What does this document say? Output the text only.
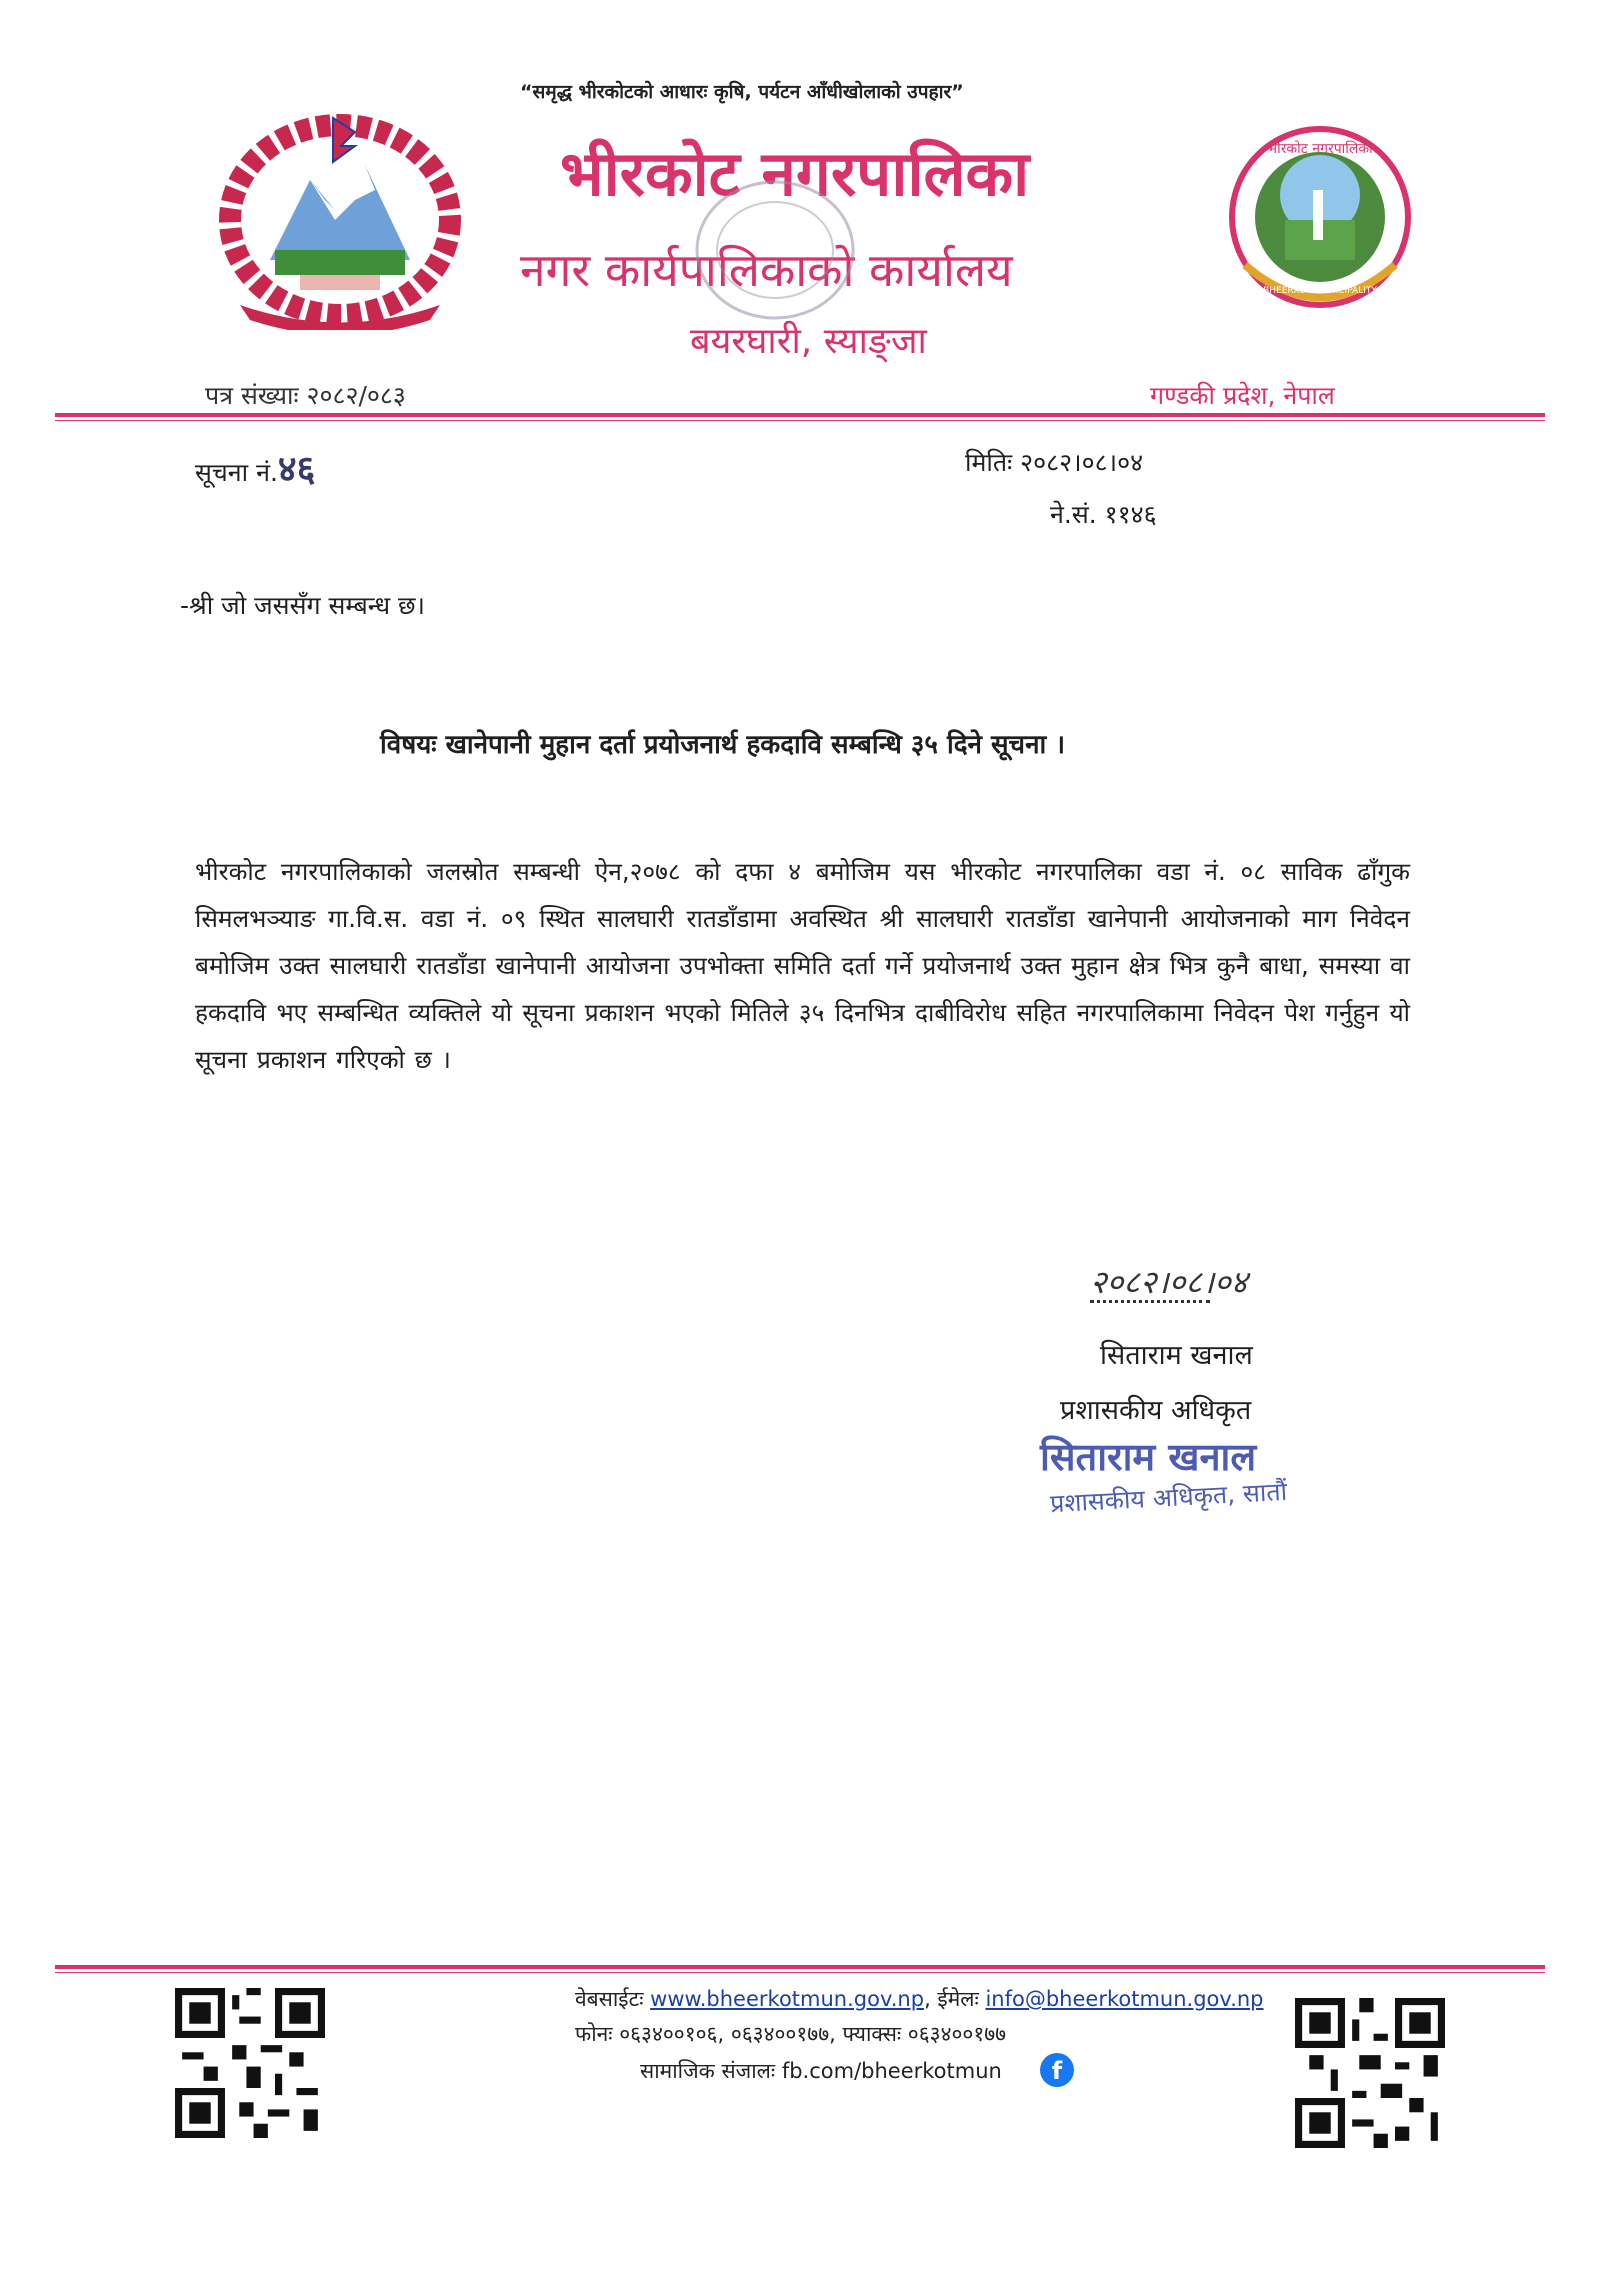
भीरकोट नगरपालिका
BHEERKOT MUNICIPALITY
“समृद्ध भीरकोटको आधारः कृषि, पर्यटन आँधीखोलाको उपहार”
भीरकोट नगरपालिका
नगर कार्यपालिकाको कार्यालय
बयरघारी, स्याङ्जा
पत्र संख्याः २०८२/०८३	गण्डकी प्रदेश, नेपाल
सूचना नं.४६	मितिः २०८२।०८।०४
ने.सं. ११४६
-श्री जो जससँग सम्बन्ध छ।
विषयः खानेपानी मुहान दर्ता प्रयोजनार्थ हकदावि सम्बन्धि ३५ दिने सूचना ।
भीरकोट नगरपालिकाको जलस्रोत सम्बन्धी ऐन,२०७८ को दफा ४ बमोजिम यस भीरकोट नगरपालिका वडा नं. ०८ साविक ढाँगुक सिमलभञ्याङ गा.वि.स. वडा नं. ०९ स्थित सालघारी रातडाँडामा अवस्थित श्री सालघारी रातडाँडा खानेपानी आयोजनाको माग निवेदन बमोजिम उक्त सालघारी रातडाँडा खानेपानी आयोजना उपभोक्ता समिति दर्ता गर्ने प्रयोजनार्थ उक्त मुहान क्षेत्र भित्र कुनै बाधा, समस्या वा हकदावि भए सम्बन्धित व्यक्तिले यो सूचना प्रकाशन भएको मितिले ३५ दिनभित्र दाबीविरोध सहित नगरपालिकामा निवेदन पेश गर्नुहुन यो सूचना प्रकाशन गरिएको छ ।
२०८२।०८।०४
सिताराम खनाल
प्रशासकीय अधिकृत
सिताराम खनाल
प्रशासकीय अधिकृत, सातौं
वेबसाईटः www.bheerkotmun.gov.np, ईमेलः info@bheerkotmun.gov.np
फोनः ०६३४००१०६, ०६३४००१७७, फ्याक्सः ०६३४००१७७
सामाजिक संजालः fb.com/bheerkotmun	f
